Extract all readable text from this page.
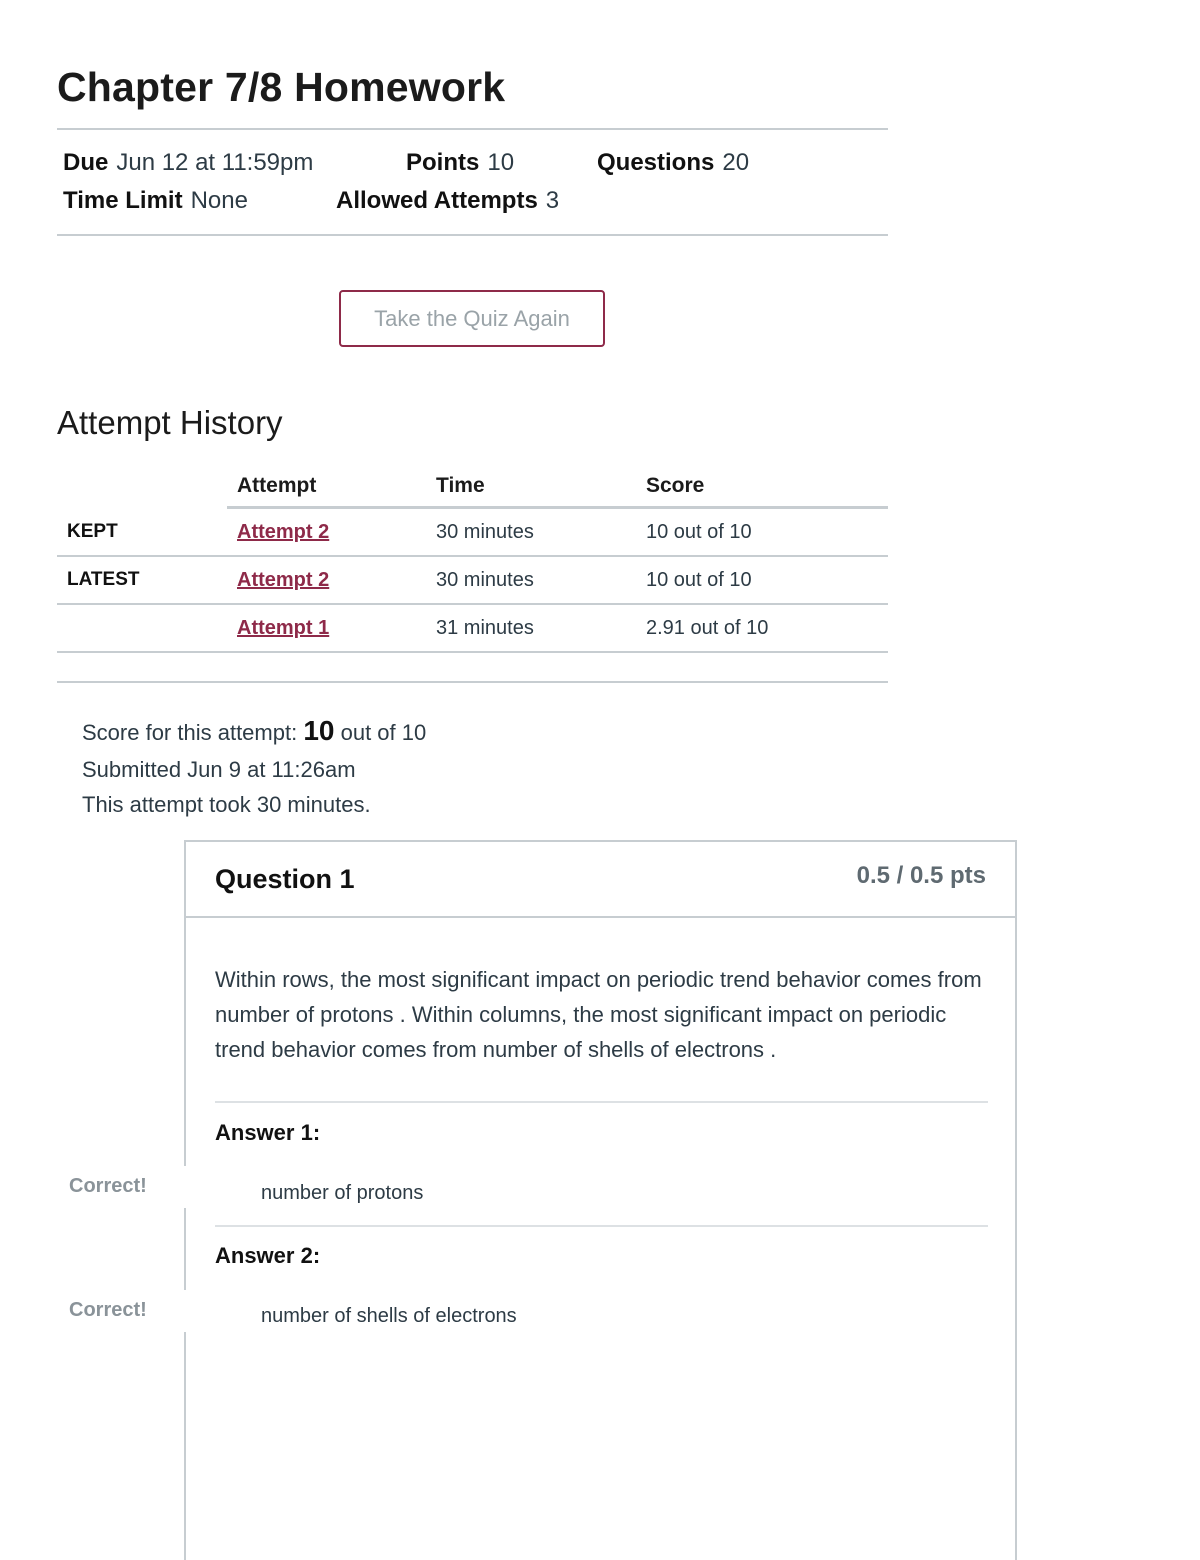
Chapter 7/8 Homework
Due Jun 12 at 11:59pm	Points 10	Questions 20
Time Limit None	Allowed Attempts 3
Take the Quiz Again
Attempt History
	Attempt	Time	Score
KEPT	Attempt 2	30 minutes	10 out of 10
LATEST	Attempt 2	30 minutes	10 out of 10
	Attempt 1	31 minutes	2.91 out of 10

Score for this attempt: 10 out of 10
Submitted Jun 9 at 11:26am
This attempt took 30 minutes.
Question 1	0.5 / 0.5 pts

Within rows, the most significant impact on periodic trend behavior comes from number of protons . Within columns, the most significant impact on periodic trend behavior comes from number of shells of electrons .

Answer 1:
number of protons
Answer 2:
number of shells of electrons
Correct!
Correct!
